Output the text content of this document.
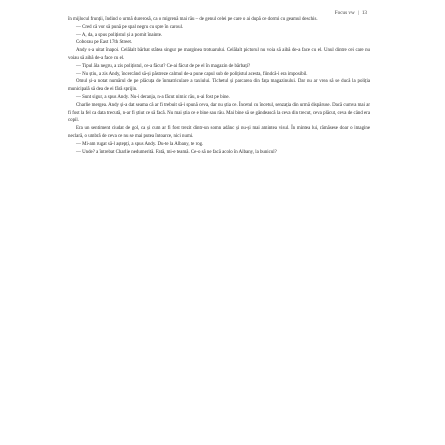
Focus vw | 13

în mijlocul frunții, îndind o urmă durerosă, ca o migrenă mai rău – de genul celei pe care o ai după ce dormi cu geamul deschis.

— Cred că vor să pună pe spal negru cu spre în caroul.

— A, da, a spus polițistul și a pornit înainte.

Coborau pe East 17th Street.

Andy s-a uitat înapoi. Celălalt bărbat stătea singur pe marginea trotuarului. Celălalt pictorul nu voia să aibă de-a face cu el. Unul dintre cei care nu voiau să aibă de-a face cu el.

— Tipul ăla negru, a zis polițistul, ce-a făcut? Ce-ai făcut de pe el în magazin de bărbați?

— Nu știu, a zis Andy, încercând să-și păstreze calmul de-a pune capul sub de polițistul acesta, fiindcă-i era imposibil.

Omul și-a notat numărul de pe plăcuța de înmatriculare a taxiului. Tichetul și parcarea din fața magazinului. Dar nu ar vrea să se ducă la poliția municipală să dea de ei fără sprijin.

— Sunt sigur, a spus Andy. Nu-i deranja, n-a făcut nimic rău, n-ai fost pe bine.

Charlie mergea. Andy și-a dat seama că ar fi trebuit să-i spună ceva, dar nu știa ce. Încetul cu încetul, senzația din urmă dispăruse. Dacă cumva mai ar fi fost la fel ca data trecută, n-ar fi știut ce să facă. Nu mai știa ce e bine sau rău. Mai bine să se gândească la ceva din trecut, ceva plăcut, ceva de când era copil.

Era un sentiment ciudat de gol, ca și cum ar fi fost trezit dintr-un somn adânc și nu-și mai amintea visul. În mintea lui, rămăsese doar o imagine neclară, o umbră de ceva ce nu se mai putea întoarce, nici numi.

— Mi-am rugat să-l aștepți, a spus Andy. Du-te la Albany, te rog.

— Unde? a întrebat Charlie nedumerită. Fată, mi-e teamă. Ce-o să ne facă acolo în Albany, la bunicul?
